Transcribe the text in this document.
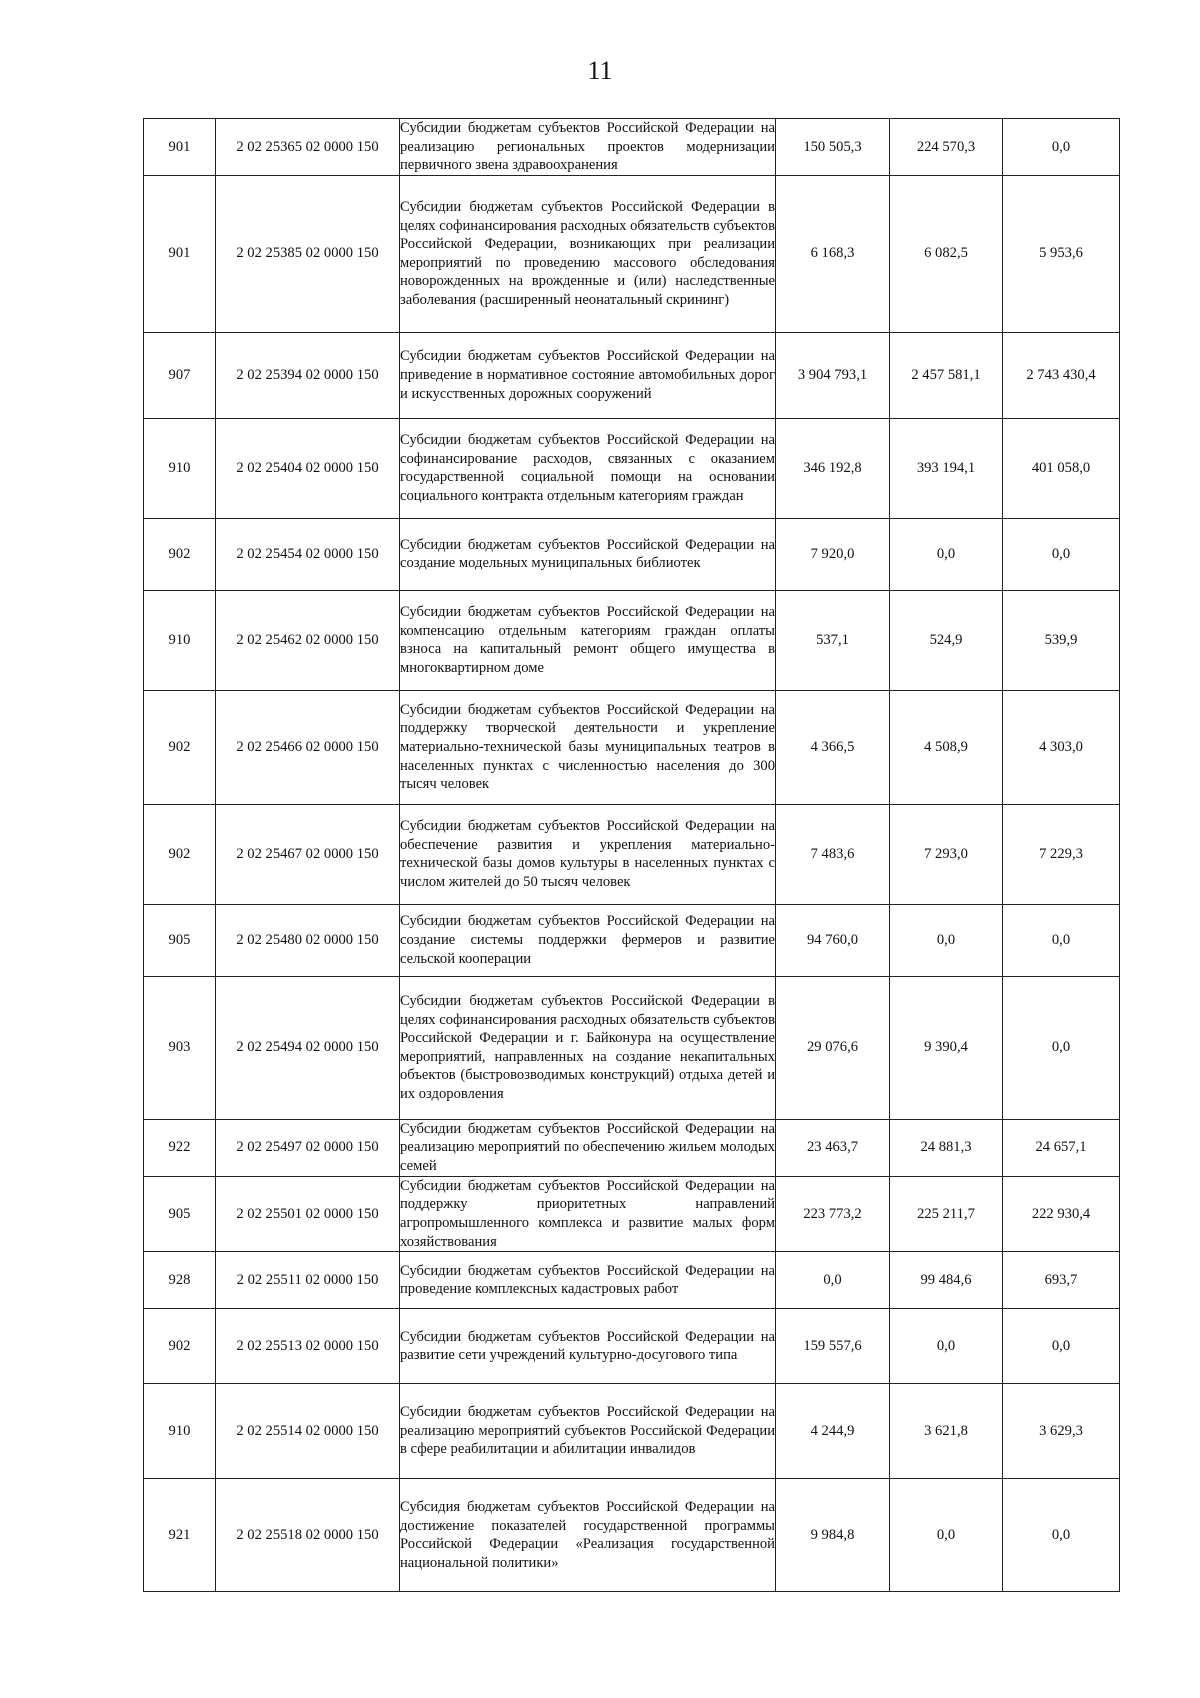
11
901	2 02 25365 02 0000 150	Субсидии бюджетам субъектов Российской Федерации на реализацию региональных проектов модернизации первичного звена здравоохранения	150 505,3	224 570,3	0,0
901	2 02 25385 02 0000 150	Субсидии бюджетам субъектов Российской Федерации в целях софинансирования расходных обязательств субъектов Российской Федерации, возникающих при реализации мероприятий по проведению массового обследования новорожденных на врожденные и (или) наследственные заболевания (расширенный неонатальный скрининг)	6 168,3	6 082,5	5 953,6
907	2 02 25394 02 0000 150	Субсидии бюджетам субъектов Российской Федерации на приведение в нормативное состояние автомобильных дорог и искусственных дорожных сооружений	3 904 793,1	2 457 581,1	2 743 430,4
910	2 02 25404 02 0000 150	Субсидии бюджетам субъектов Российской Федерации на софинансирование расходов, связанных с оказанием государственной социальной помощи на основании социального контракта отдельным категориям граждан	346 192,8	393 194,1	401 058,0
902	2 02 25454 02 0000 150	Субсидии бюджетам субъектов Российской Федерации на создание модельных муниципальных библиотек	7 920,0	0,0	0,0
910	2 02 25462 02 0000 150	Субсидии бюджетам субъектов Российской Федерации на компенсацию отдельным категориям граждан оплаты взноса на капитальный ремонт общего имущества в многоквартирном доме	537,1	524,9	539,9
902	2 02 25466 02 0000 150	Субсидии бюджетам субъектов Российской Федерации на поддержку творческой деятельности и укрепление материально-технической базы муниципальных театров в населенных пунктах с численностью населения до 300 тысяч человек	4 366,5	4 508,9	4 303,0
902	2 02 25467 02 0000 150	Субсидии бюджетам субъектов Российской Федерации на обеспечение развития и укрепления материально-технической базы домов культуры в населенных пунктах с числом жителей до 50 тысяч человек	7 483,6	7 293,0	7 229,3
905	2 02 25480 02 0000 150	Субсидии бюджетам субъектов Российской Федерации на создание системы поддержки фермеров и развитие сельской кооперации	94 760,0	0,0	0,0
903	2 02 25494 02 0000 150	Субсидии бюджетам субъектов Российской Федерации в целях софинансирования расходных обязательств субъектов Российской Федерации и г. Байконура на осуществление мероприятий, направленных на создание некапитальных объектов (быстровозводимых конструкций) отдыха детей и их оздоровления	29 076,6	9 390,4	0,0
922	2 02 25497 02 0000 150	Субсидии бюджетам субъектов Российской Федерации на реализацию мероприятий по обеспечению жильем молодых семей	23 463,7	24 881,3	24 657,1
905	2 02 25501 02 0000 150	Субсидии бюджетам субъектов Российской Федерации на поддержку приоритетных направлений агропромышленного комплекса и развитие малых форм хозяйствования	223 773,2	225 211,7	222 930,4
928	2 02 25511 02 0000 150	Субсидии бюджетам субъектов Российской Федерации на проведение комплексных кадастровых работ	0,0	99 484,6	693,7
902	2 02 25513 02 0000 150	Субсидии бюджетам субъектов Российской Федерации на развитие сети учреждений культурно-досугового типа	159 557,6	0,0	0,0
910	2 02 25514 02 0000 150	Субсидии бюджетам субъектов Российской Федерации на реализацию мероприятий субъектов Российской Федерации в сфере реабилитации и абилитации инвалидов	4 244,9	3 621,8	3 629,3
921	2 02 25518 02 0000 150	Субсидия бюджетам субъектов Российской Федерации на достижение показателей государственной программы Российской Федерации «Реализация государственной национальной политики»	9 984,8	0,0	0,0
